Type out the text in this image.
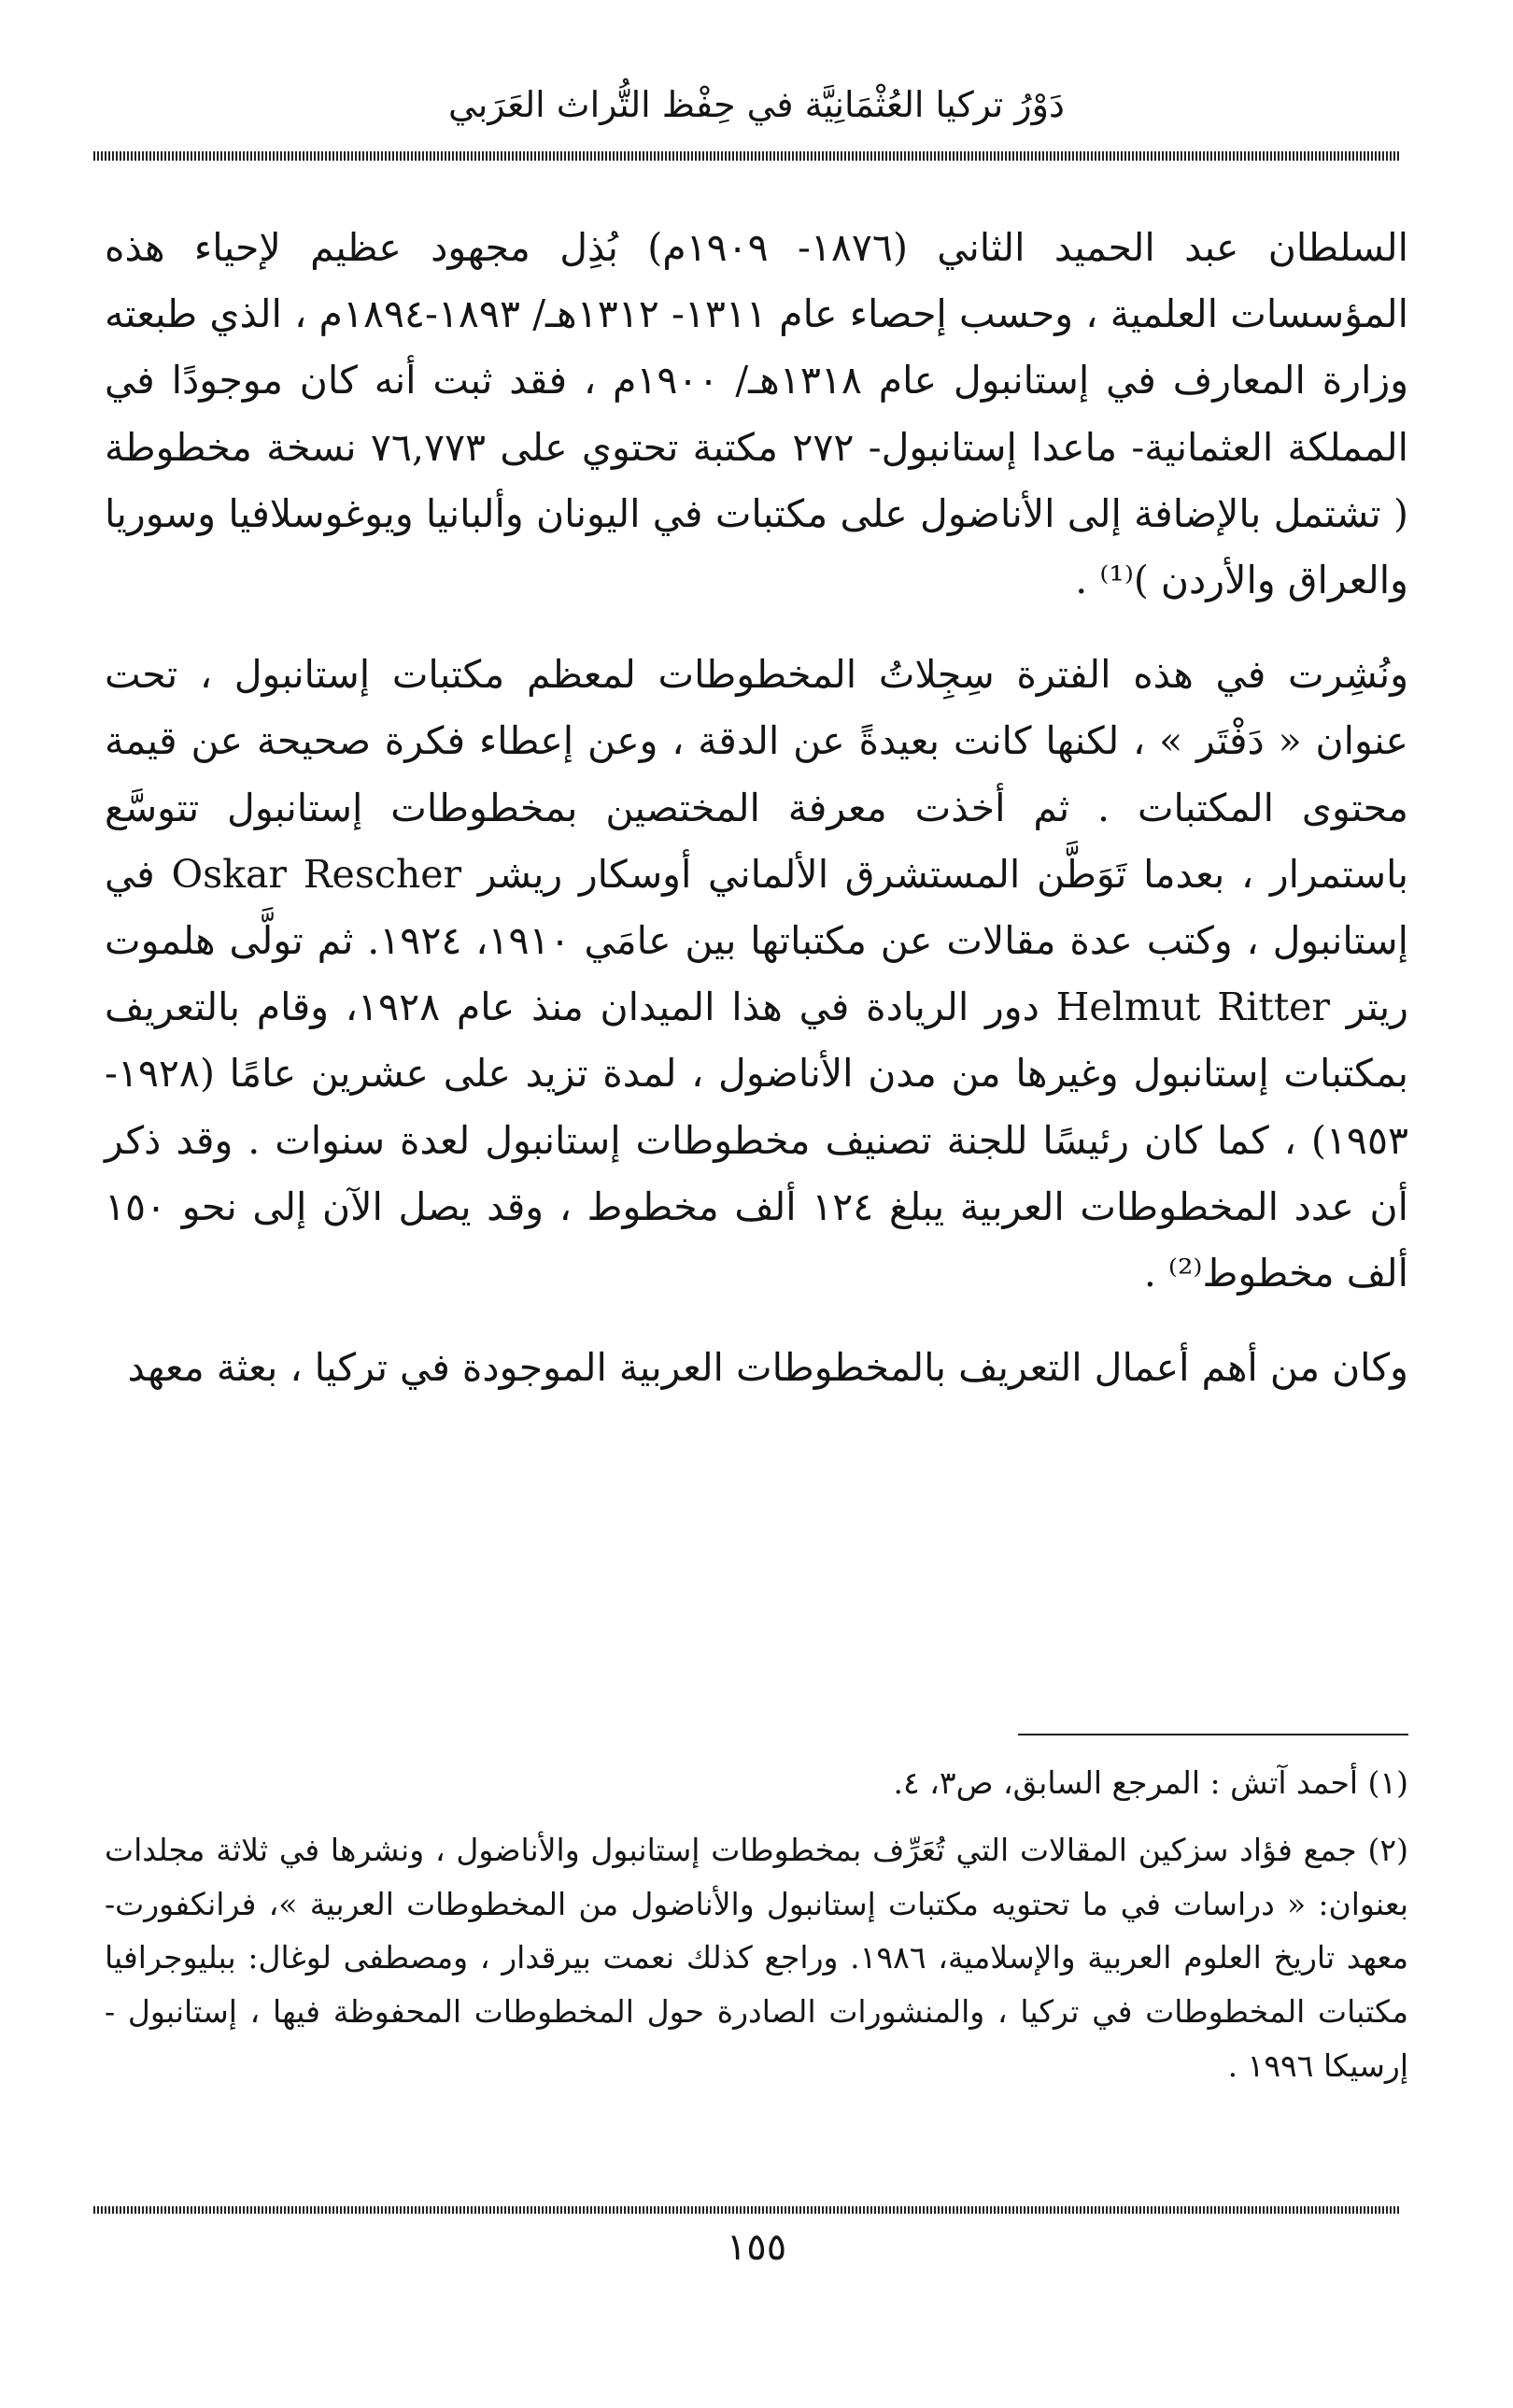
دَوْرُ تركيا العُثْمَانِيَّة في حِفْظ التُّراث العَرَبي

السلطان عبد الحميد الثاني (١٨٧٦- ١٩٠٩م) بُذِل مجهود عظيم لإحياء هذه المؤسسات العلمية ، وحسب إحصاء عام ١٣١١- ١٣١٢هـ/ ١٨٩٣-١٨٩٤م ، الذي طبعته وزارة المعارف في إستانبول عام ١٣١٨هـ/ ١٩٠٠م ، فقد ثبت أنه كان موجودًا في المملكة العثمانية- ماعدا إستانبول- ٢٧٢ مكتبة تحتوي على ٧٦,٧٧٣ نسخة مخطوطة ( تشتمل بالإضافة إلى الأناضول على مكتبات في اليونان وألبانيا ويوغوسلافيا وسوريا والعراق والأردن )⁽¹⁾ .

ونُشِرت في هذه الفترة سِجِلاتُ المخطوطات لمعظم مكتبات إستانبول ، تحت عنوان « دَفْتَر » ، لكنها كانت بعيدةً عن الدقة ، وعن إعطاء فكرة صحيحة عن قيمة محتوى المكتبات . ثم أخذت معرفة المختصين بمخطوطات إستانبول تتوسَّع باستمرار ، بعدما تَوَطَّن المستشرق الألماني أوسكار ريشر Oskar Rescher في إستانبول ، وكتب عدة مقالات عن مكتباتها بين عامَي ١٩١٠، ١٩٢٤. ثم تولَّى هلموت ريتر Helmut Ritter دور الريادة في هذا الميدان منذ عام ١٩٢٨، وقام بالتعريف بمكتبات إستانبول وغيرها من مدن الأناضول ، لمدة تزيد على عشرين عامًا (١٩٢٨- ١٩٥٣) ، كما كان رئيسًا للجنة تصنيف مخطوطات إستانبول لعدة سنوات . وقد ذكر أن عدد المخطوطات العربية يبلغ ١٢٤ ألف مخطوط ، وقد يصل الآن إلى نحو ١٥٠ ألف مخطوط⁽²⁾ .

وكان من أهم أعمال التعريف بالمخطوطات العربية الموجودة في تركيا ، بعثة معهد

(١) أحمد آتش : المرجع السابق، ص٣، ٤.

(٢) جمع فؤاد سزكين المقالات التي تُعَرِّف بمخطوطات إستانبول والأناضول ، ونشرها في ثلاثة مجلدات بعنوان: « دراسات في ما تحتويه مكتبات إستانبول والأناضول من المخطوطات العربية »، فرانكفورت- معهد تاريخ العلوم العربية والإسلامية، ١٩٨٦. وراجع كذلك نعمت بيرقدار ، ومصطفى لوغال: ببليوجرافيا مكتبات المخطوطات في تركيا ، والمنشورات الصادرة حول المخطوطات المحفوظة فيها ، إستانبول - إرسيكا ١٩٩٦ .

١٥٥
